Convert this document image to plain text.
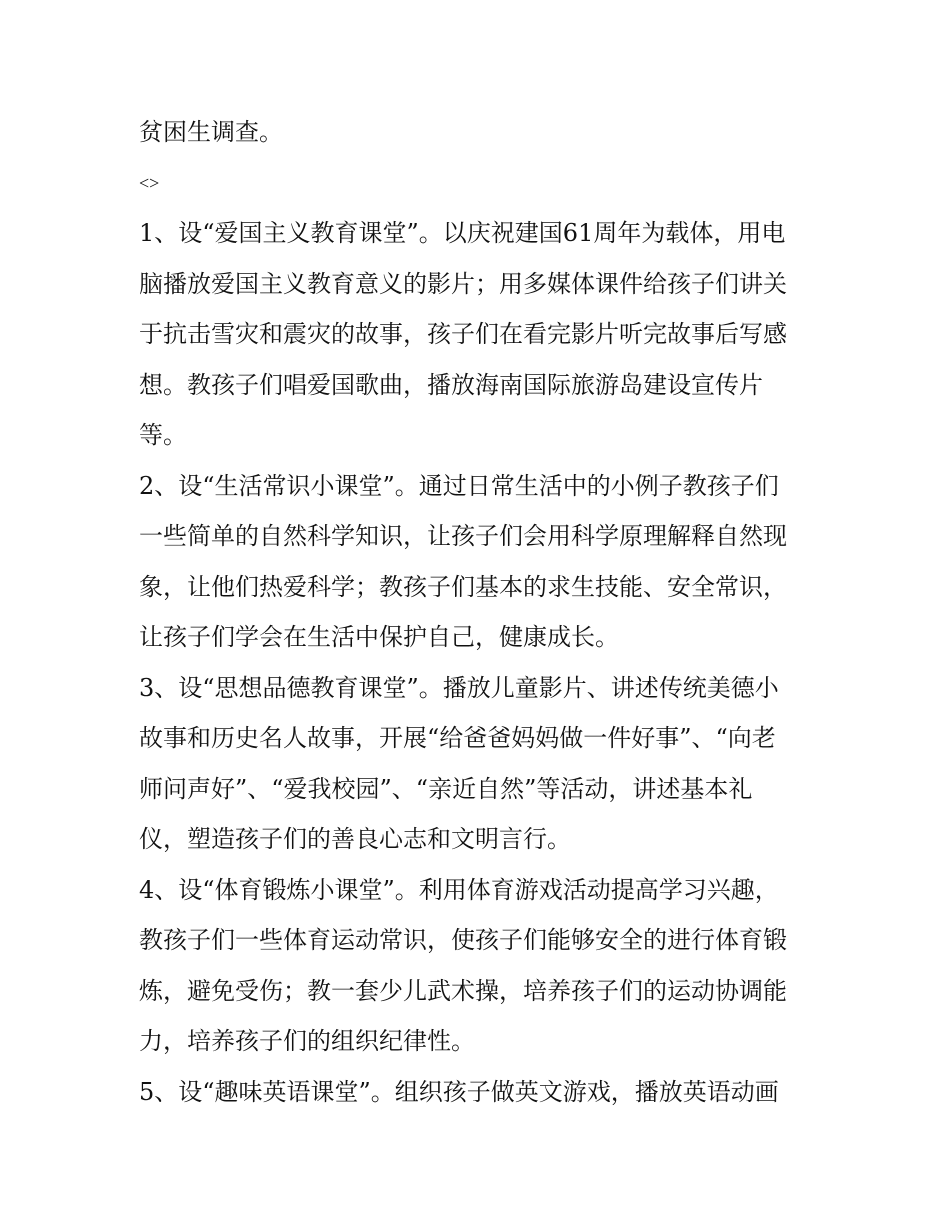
贫困生调查。

<>

1、设“爱国主义教育课堂”。以庆祝建国61周年为载体，用电

脑播放爱国主义教育意义的影片；用多媒体课件给孩子们讲关

于抗击雪灾和震灾的故事，孩子们在看完影片听完故事后写感

想。教孩子们唱爱国歌曲，播放海南国际旅游岛建设宣传片

等。

2、设“生活常识小课堂”。通过日常生活中的小例子教孩子们

一些简单的自然科学知识，让孩子们会用科学原理解释自然现

象，让他们热爱科学；教孩子们基本的求生技能、安全常识，

让孩子们学会在生活中保护自己，健康成长。

3、设“思想品德教育课堂”。播放儿童影片、讲述传统美德小

故事和历史名人故事，开展“给爸爸妈妈做一件好事”、“向老

师问声好”、“爱我校园”、“亲近自然”等活动，讲述基本礼

仪，塑造孩子们的善良心志和文明言行。

4、设“体育锻炼小课堂”。利用体育游戏活动提高学习兴趣，

教孩子们一些体育运动常识，使孩子们能够安全的进行体育锻

炼，避免受伤；教一套少儿武术操，培养孩子们的运动协调能

力，培养孩子们的组织纪律性。

5、设“趣味英语课堂”。组织孩子做英文游戏，播放英语动画
